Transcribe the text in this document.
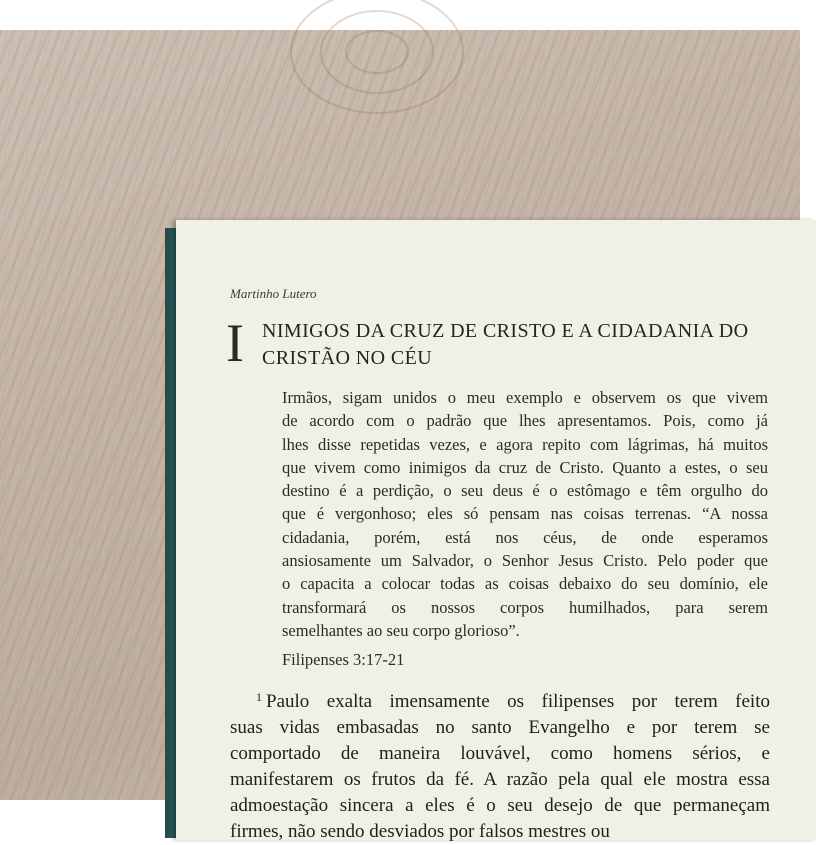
Martinho Lutero
I NIMIGOS DA CRUZ DE CRISTO E A CIDADANIA DO
CRISTÃO NO CÉU
Irmãos, sigam unidos o meu exemplo e observem os que vivem
de acordo com o padrão que lhes apresentamos. Pois, como já
lhes disse repetidas vezes, e agora repito com lágrimas, há muitos
que vivem como inimigos da cruz de Cristo. Quanto a estes, o seu
destino é a perdição, o seu deus é o estômago e têm orgulho do
que é vergonhoso; eles só pensam nas coisas terrenas. “A nossa
cidadania, porém, está nos céus, de onde esperamos
ansiosamente um Salvador, o Senhor Jesus Cristo. Pelo poder que
o capacita a colocar todas as coisas debaixo do seu domínio, ele
transformará os nossos corpos humilhados, para serem
semelhantes ao seu corpo glorioso”.
Filipenses 3:17-21
$^1$ Paulo exalta imensamente os filipenses por terem feito
suas vidas embasadas no santo Evangelho e por terem se
comportado de maneira louvável, como homens sérios, e
manifestarem os frutos da fé. A razão pela qual ele mostra essa
admoestação sincera a eles é o seu desejo de que permaneçam
firmes, não sendo desviados por falsos mestres ou
